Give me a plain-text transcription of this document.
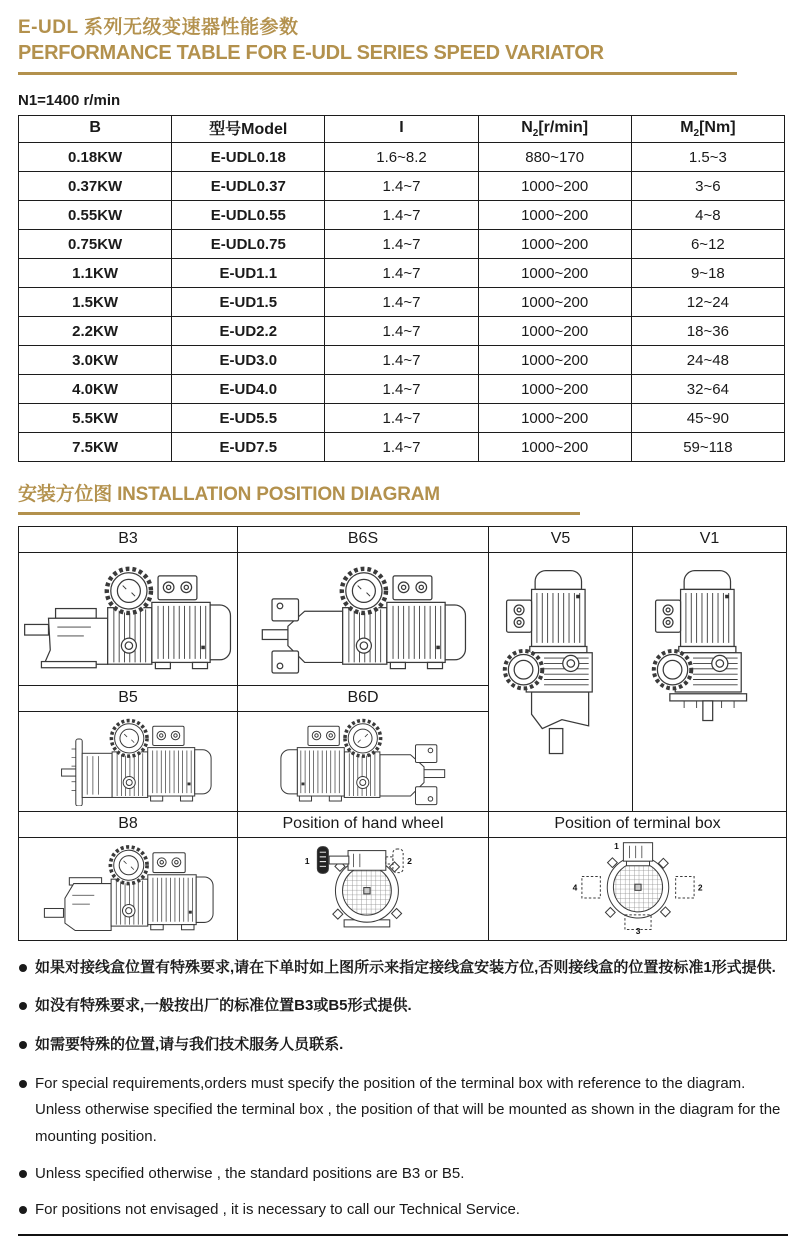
E-UDL 系列无级变速器性能参数
PERFORMANCE TABLE FOR E-UDL SERIES SPEED VARIATOR
N1=1400 r/min
B	型号Model	I	$N_2[r/\min]$	$M_2[Nm]$
0.18KW	E-UDL0.18	1.6~8.2	880~170	1.5~3
0.37KW	E-UDL0.37	1.4~7	1000~200	3~6
0.55KW	E-UDL0.55	1.4~7	1000~200	4~8
0.75KW	E-UDL0.75	1.4~7	1000~200	6~12
1.1KW	E-UD1.1	1.4~7	1000~200	9~18
1.5KW	E-UD1.5	1.4~7	1000~200	12~24
2.2KW	E-UD2.2	1.4~7	1000~200	18~36
3.0KW	E-UD3.0	1.4~7	1000~200	24~48
4.0KW	E-UD4.0	1.4~7	1000~200	32~64
5.5KW	E-UD5.5	1.4~7	1000~200	45~90
7.5KW	E-UD7.5	1.4~7	1000~200	59~118
安装方位图 INSTALLATION POSITION DIAGRAM
B3	B6S	V5	V1

B5	B6D		

B8	Position of hand wheel	Position of terminal box	

1 2	1
2
3
4	
如果对接线盒位置有特殊要求,请在下单时如上图所示来指定接线盒安装方位,否则接线盒的位置按标准1形式提供.
如没有特殊要求,一般按出厂的标准位置B3或B5形式提供.
如需要特殊的位置,请与我们技术服务人员联系.
For special requirements,orders must specify the position of the terminal box with reference to the diagram. Unless otherwise specified the terminal box , the position of that will be mounted as shown in the diagram for the mounting position.
Unless specified otherwise , the standard positions are B3 or B5.
For positions not envisaged , it is necessary to call our Technical Service.
